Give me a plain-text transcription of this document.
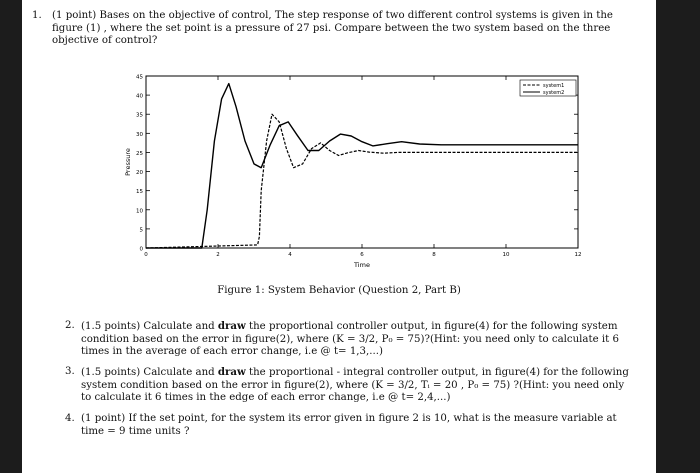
1.	(1 point) Bases on the objective of control, The step response of two different control systems is given in the figure (1) , where the set point is a pressure of 27 psi. Compare between the two system based on the three objective of control?
0
5
10
15
20
25
30
35
40
45
0	2	4	6	8	10	12
Time
Pressure
system1
system2
Figure 1: System Behavior (Question 2, Part B)
2. (1.5 points) Calculate and draw the proportional controller output, in figure(4) for the following system condition based on the error in figure(2), where (K = 3/2, P₀ = 75)?(Hint: you need only to calculate it 6 times in the average of each error change, i.e @ t= 1,3,...)
3. (1.5 points) Calculate and draw the proportional - integral controller output, in figure(4) for the following system condition based on the error in figure(2), where (K = 3/2, Tᵢ = 20 , P₀ = 75) ?(Hint: you need only to calculate it 6 times in the edge of each error change, i.e @ t= 2,4,...)
4. (1 point) If the set point, for the system its error given in figure 2 is 10, what is the measure variable at time = 9 time units ?
